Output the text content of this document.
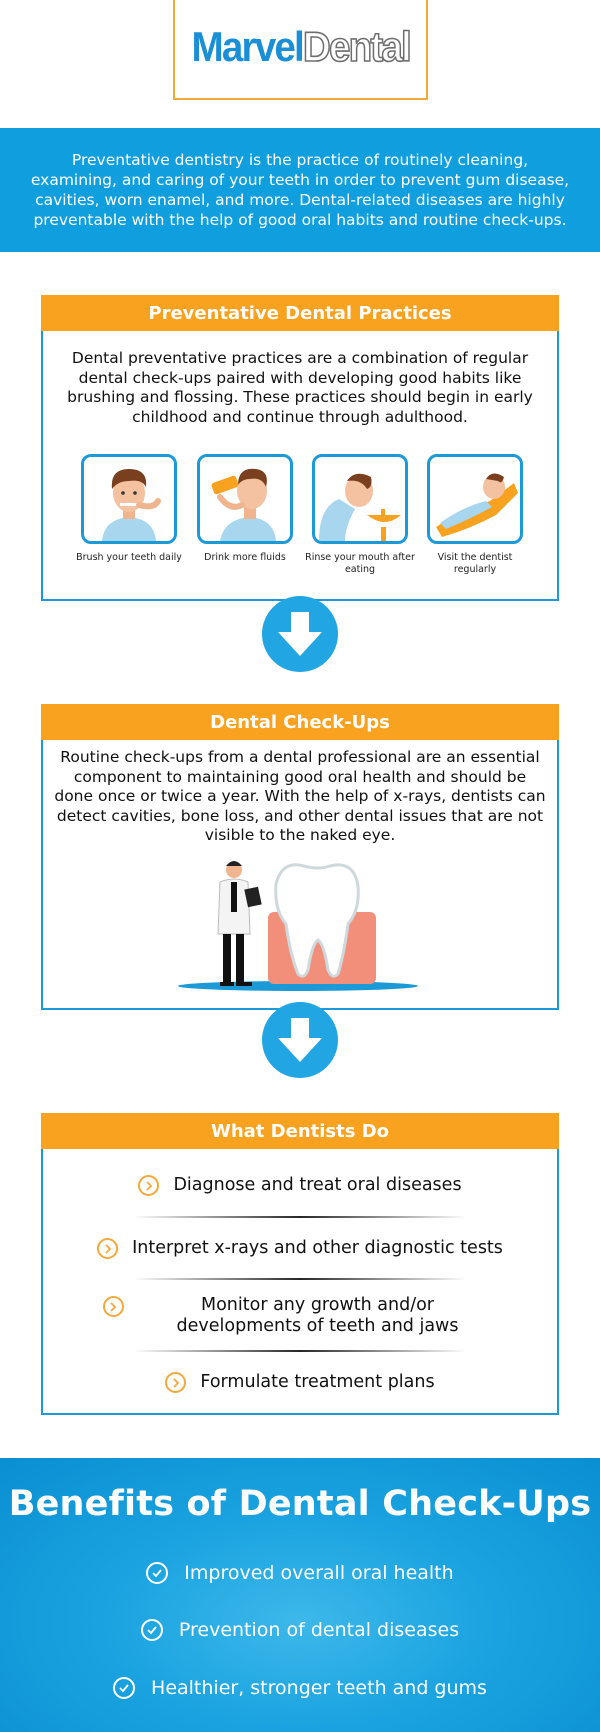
MarvelDental

Preventative dentistry is the practice of routinely cleaning, examining, and caring of your teeth in order to prevent gum disease, cavities, worn enamel, and more. Dental-related diseases are highly preventable with the help of good oral habits and routine check-ups.

Preventative Dental Practices
Dental preventative practices are a combination of regular dental check-ups paired with developing good habits like brushing and flossing. These practices should begin in early childhood and continue through adulthood.
Brush your teeth daily	Drink more fluids	Rinse your mouth after eating
Visit the dentist regularly
Dental Check-Ups
Routine check-ups from a dental professional are an essential component to maintaining good oral health and should be done once or twice a year. With the help of x-rays, dentists can detect cavities, bone loss, and other dental issues that are not visible to the naked eye.
What Dentists Do
Diagnose and treat oral diseases
Interpret x-rays and other diagnostic tests
Monitor any growth and/or developments of teeth and jaws
Formulate treatment plans
Benefits of Dental Check-Ups
Improved overall oral health
Prevention of dental diseases
Healthier, stronger teeth and gums
